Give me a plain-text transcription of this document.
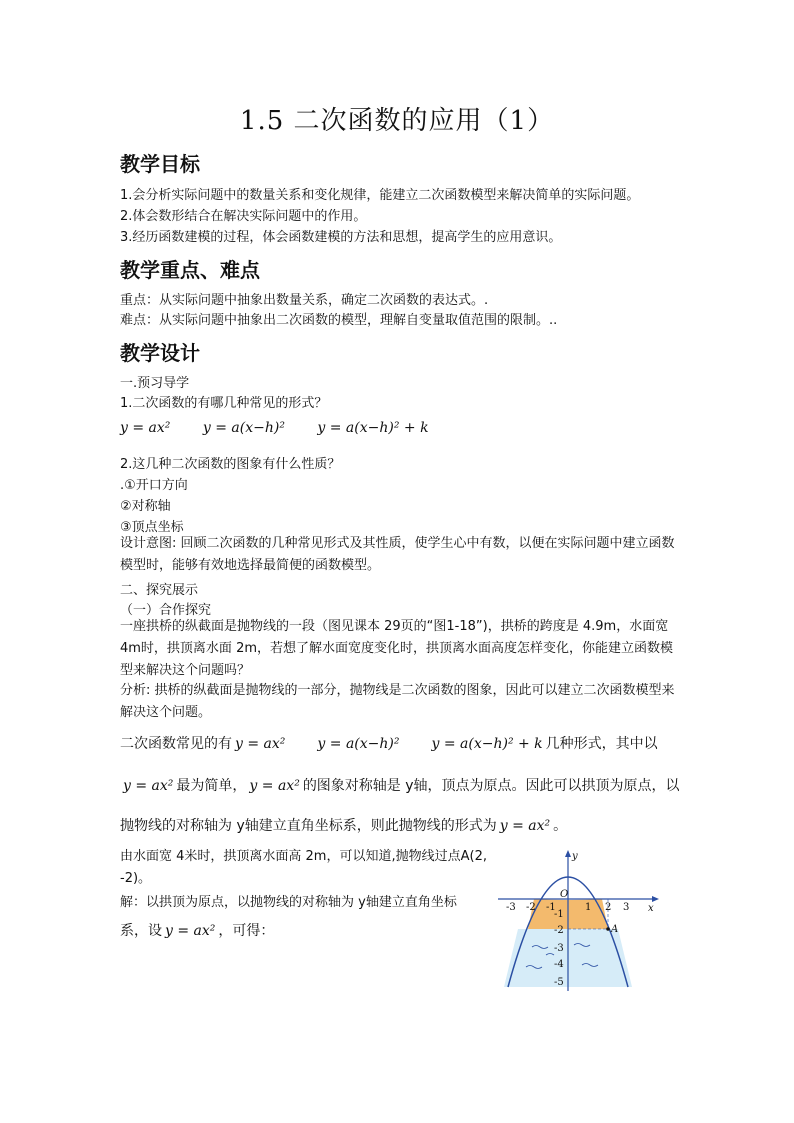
1.5 二次函数的应用（1）
教学目标
1.会分析实际问题中的数量关系和变化规律，能建立二次函数模型来解决简单的实际问题。
2.体会数形结合在解决实际问题中的作用。
3.经历函数建模的过程，体会函数建模的方法和思想，提高学生的应用意识。
教学重点、难点
重点：从实际问题中抽象出数量关系，确定二次函数的表达式。.
难点：从实际问题中抽象出二次函数的模型，理解自变量取值范围的限制。..
教学设计
一.预习导学
1.二次函数的有哪几种常见的形式？
y = ax² y = a(x−h)² y = a(x−h)² + k
2.这几种二次函数的图象有什么性质？
.①开口方向
②对称轴
③顶点坐标
设计意图: 回顾二次函数的几种常见形式及其性质，使学生心中有数，以便在实际问题中建立函数模型时，能够有效地选择最简便的函数模型。
二、探究展示
（一）合作探究
一座拱桥的纵截面是抛物线的一段（图见课本 29页的“图1-18”)，拱桥的跨度是 4.9m，水面宽 4m时，拱顶离水面 2m，若想了解水面宽度变化时，拱顶离水面高度怎样变化，你能建立函数模型来解决这个问题吗？
分析: 拱桥的纵截面是抛物线的一部分，抛物线是二次函数的图象，因此可以建立二次函数模型来解决这个问题。
二次函数常见的有 y = ax² y = a(x−h)² y = a(x−h)² + k 几种形式，其中以
y = ax² 最为简单， y = ax² 的图象对称轴是 y轴，顶点为原点。因此可以拱顶为原点，以
抛物线的对称轴为 y轴建立直角坐标系，则此抛物线的形式为 y = ax² 。
由水面宽 4米时，拱顶离水面高 2m，可以知道,抛物线过点A(2, -2)。
解：以拱顶为原点，以抛物线的对称轴为 y轴建立直角坐标
系，设 y = ax² ，可得：
y
x
O
A
-3 -2 -1	1 2 3
-1
-2
-3
-4
-5
